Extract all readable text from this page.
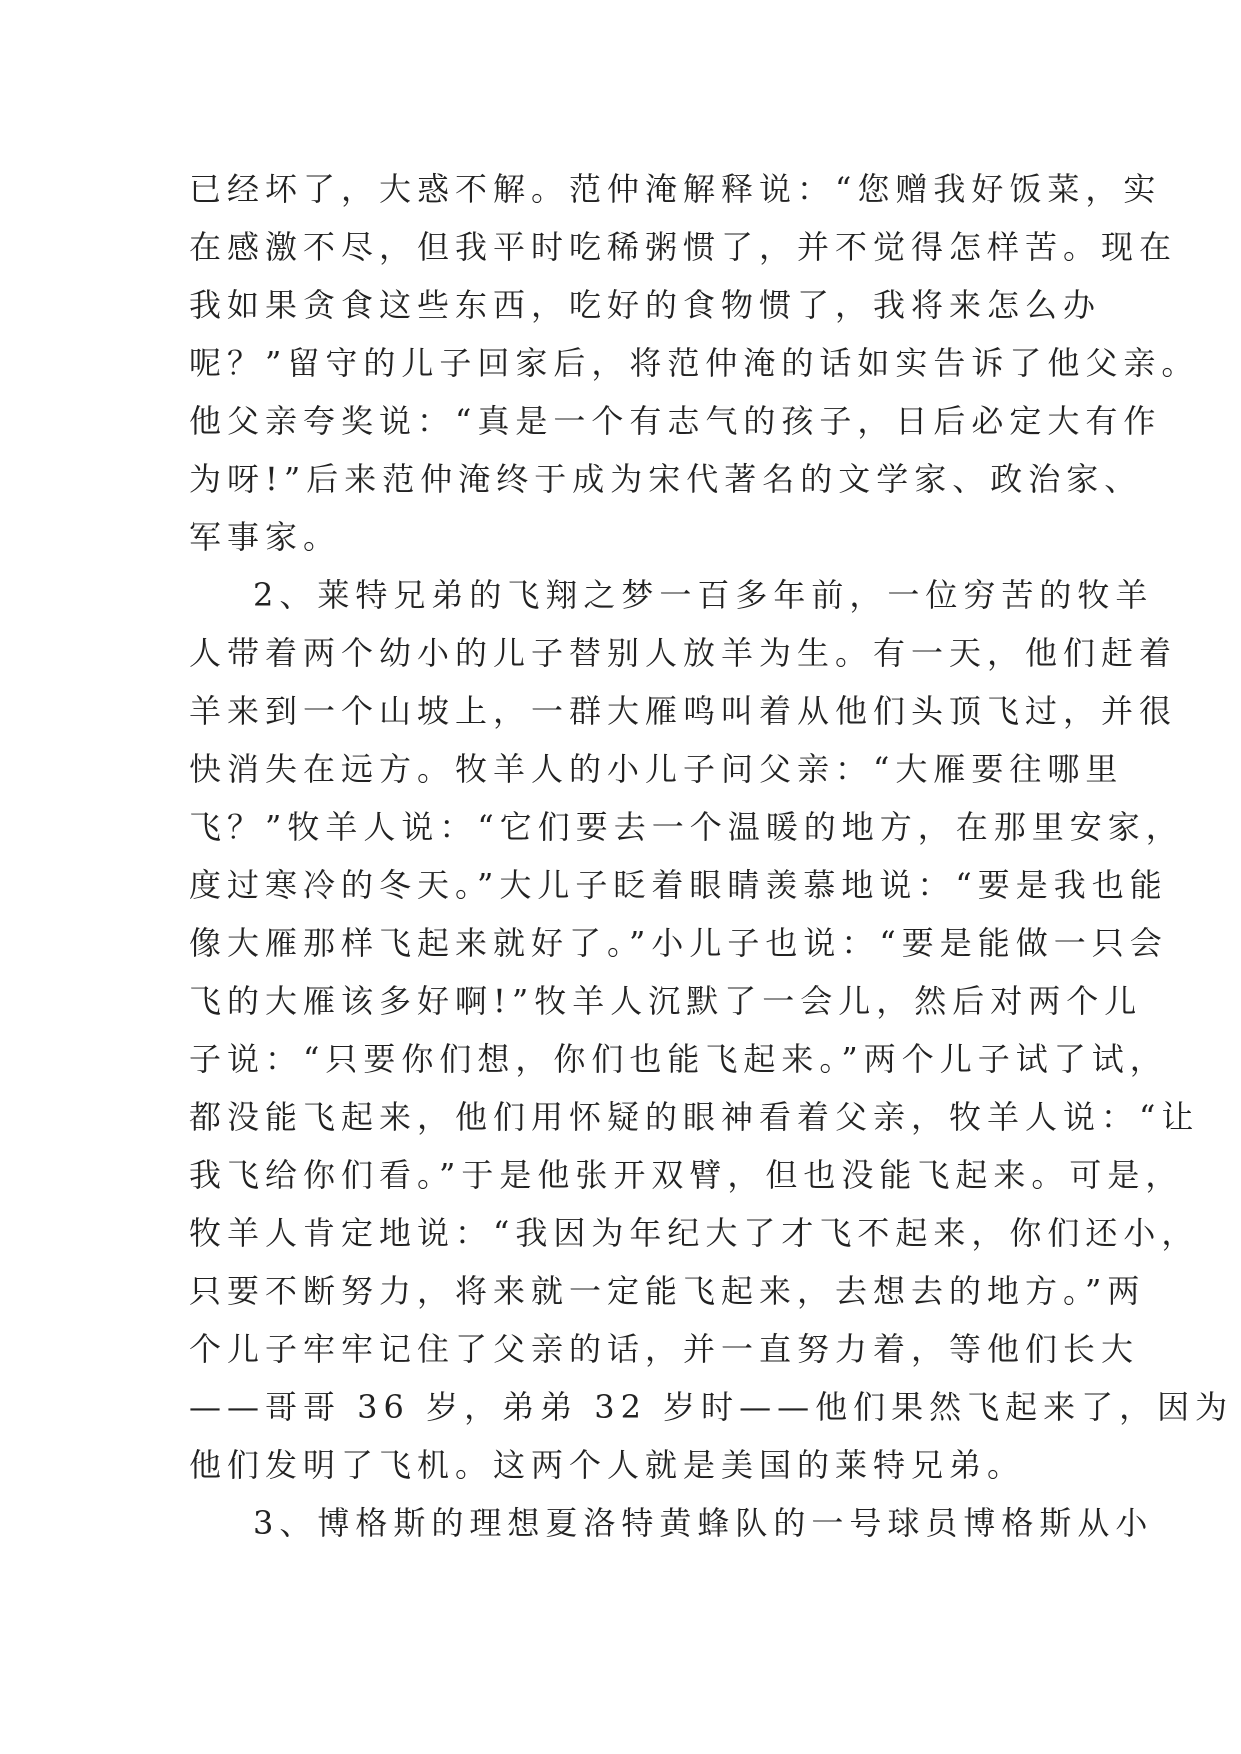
已经坏了，大惑不解。范仲淹解释说：“您赠我好饭菜，实
在感激不尽，但我平时吃稀粥惯了，并不觉得怎样苦。现在
我如果贪食这些东西，吃好的食物惯了，我将来怎么办
呢？”留守的儿子回家后，将范仲淹的话如实告诉了他父亲。
他父亲夸奖说：“真是一个有志气的孩子，日后必定大有作
为呀!”后来范仲淹终于成为宋代著名的文学家、政治家、
军事家。
2、莱特兄弟的飞翔之梦一百多年前，一位穷苦的牧羊
人带着两个幼小的儿子替别人放羊为生。有一天，他们赶着
羊来到一个山坡上，一群大雁鸣叫着从他们头顶飞过，并很
快消失在远方。牧羊人的小儿子问父亲：“大雁要往哪里
飞？”牧羊人说：“它们要去一个温暖的地方，在那里安家，
度过寒冷的冬天。”大儿子眨着眼睛羡慕地说：“要是我也能
像大雁那样飞起来就好了。”小儿子也说：“要是能做一只会
飞的大雁该多好啊!”牧羊人沉默了一会儿，然后对两个儿
子说：“只要你们想，你们也能飞起来。”两个儿子试了试，
都没能飞起来，他们用怀疑的眼神看着父亲，牧羊人说：“让
我飞给你们看。”于是他张开双臂，但也没能飞起来。可是，
牧羊人肯定地说：“我因为年纪大了才飞不起来，你们还小，
只要不断努力，将来就一定能飞起来，去想去的地方。”两
个儿子牢牢记住了父亲的话，并一直努力着，等他们长大
——哥哥 36 岁，弟弟 32 岁时——他们果然飞起来了，因为
他们发明了飞机。这两个人就是美国的莱特兄弟。
3、博格斯的理想夏洛特黄蜂队的一号球员博格斯从小
